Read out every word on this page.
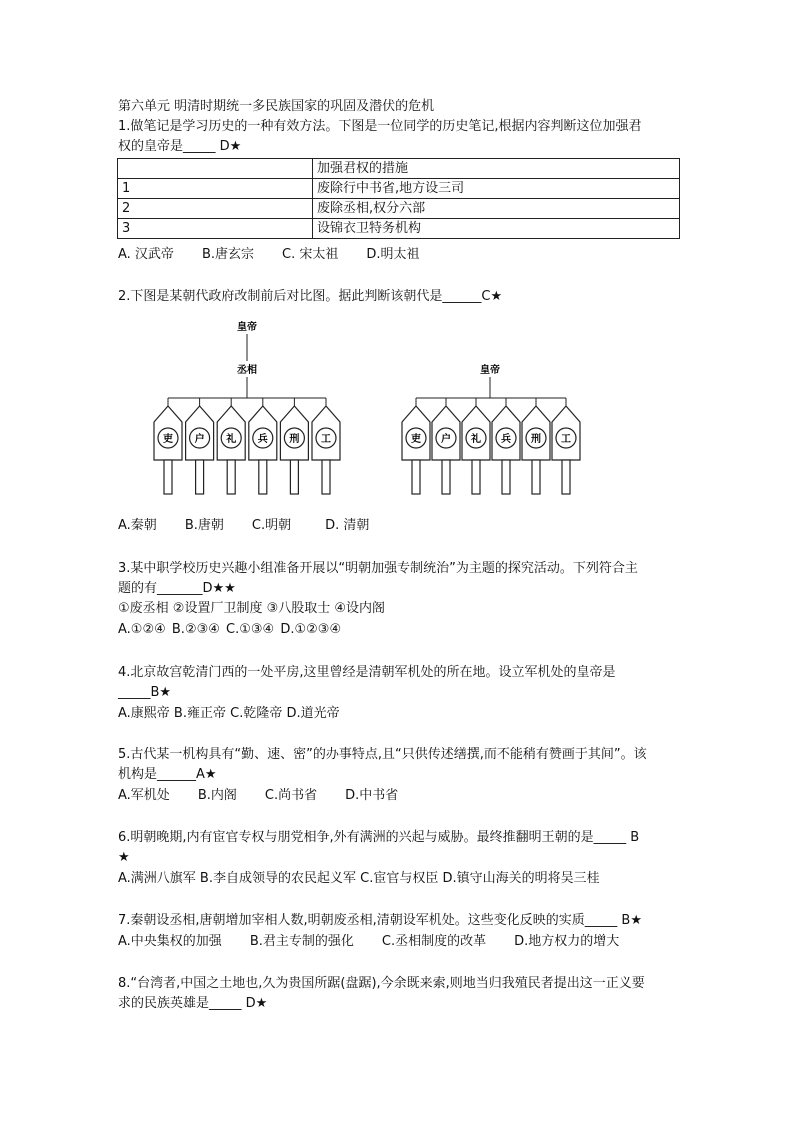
第六单元 明清时期统一多民族国家的巩固及潜伏的危机
1.做笔记是学习历史的一种有效方法。下图是一位同学的历史笔记,根据内容判断这位加强君
权的皇帝是_____ D★
	加强君权的措施
1	废除行中书省,地方设三司
2	废除丞相,权分六部
3	设锦衣卫特务机构
A. 汉武帝 B.唐玄宗 C. 宋太祖 D.明太祖
2.下图是某朝代政府改制前后对比图。据此判断该朝代是______C★
皇帝
丞相
吏 户 礼 兵 刑 工
皇帝
吏 户 礼 兵 刑 工
A.秦朝 B.唐朝 C.明朝	D. 清朝
3.某中职学校历史兴趣小组准备开展以“明朝加强专制统治”为主题的探究活动。下列符合主
题的有_______D★★
①废丞相 ②设置厂卫制度 ③八股取士 ④设内阁
A.①②④ B.②③④ C.①③④ D.①②③④
4.北京故宫乾清门西的一处平房,这里曾经是清朝军机处的所在地。设立军机处的皇帝是
_____B★
A.康熙帝 B.雍正帝 C.乾隆帝 D.道光帝
5.古代某一机构具有“勤、速、密”的办事特点,且“只供传述缮撰,而不能稍有赞画于其间”。该
机构是______A★
A.军机处 B.内阁 C.尚书省 D.中书省
6.明朝晚期,内有宦官专权与朋党相争,外有满洲的兴起与威胁。最终推翻明王朝的是_____ B
★
A.满洲八旗军 B.李自成领导的农民起义军 C.宦官与权臣 D.镇守山海关的明将吴三桂
7.秦朝设丞相,唐朝增加宰相人数,明朝废丞相,清朝设军机处。这些变化反映的实质_____ B★
A.中央集权的加强 B.君主专制的强化 C.丞相制度的改革 D.地方权力的增大
8.“台湾者,中国之土地也,久为贵国所踞(盘踞),今余既来索,则地当归我殖民者提出这一正义要
求的民族英雄是_____ D★
